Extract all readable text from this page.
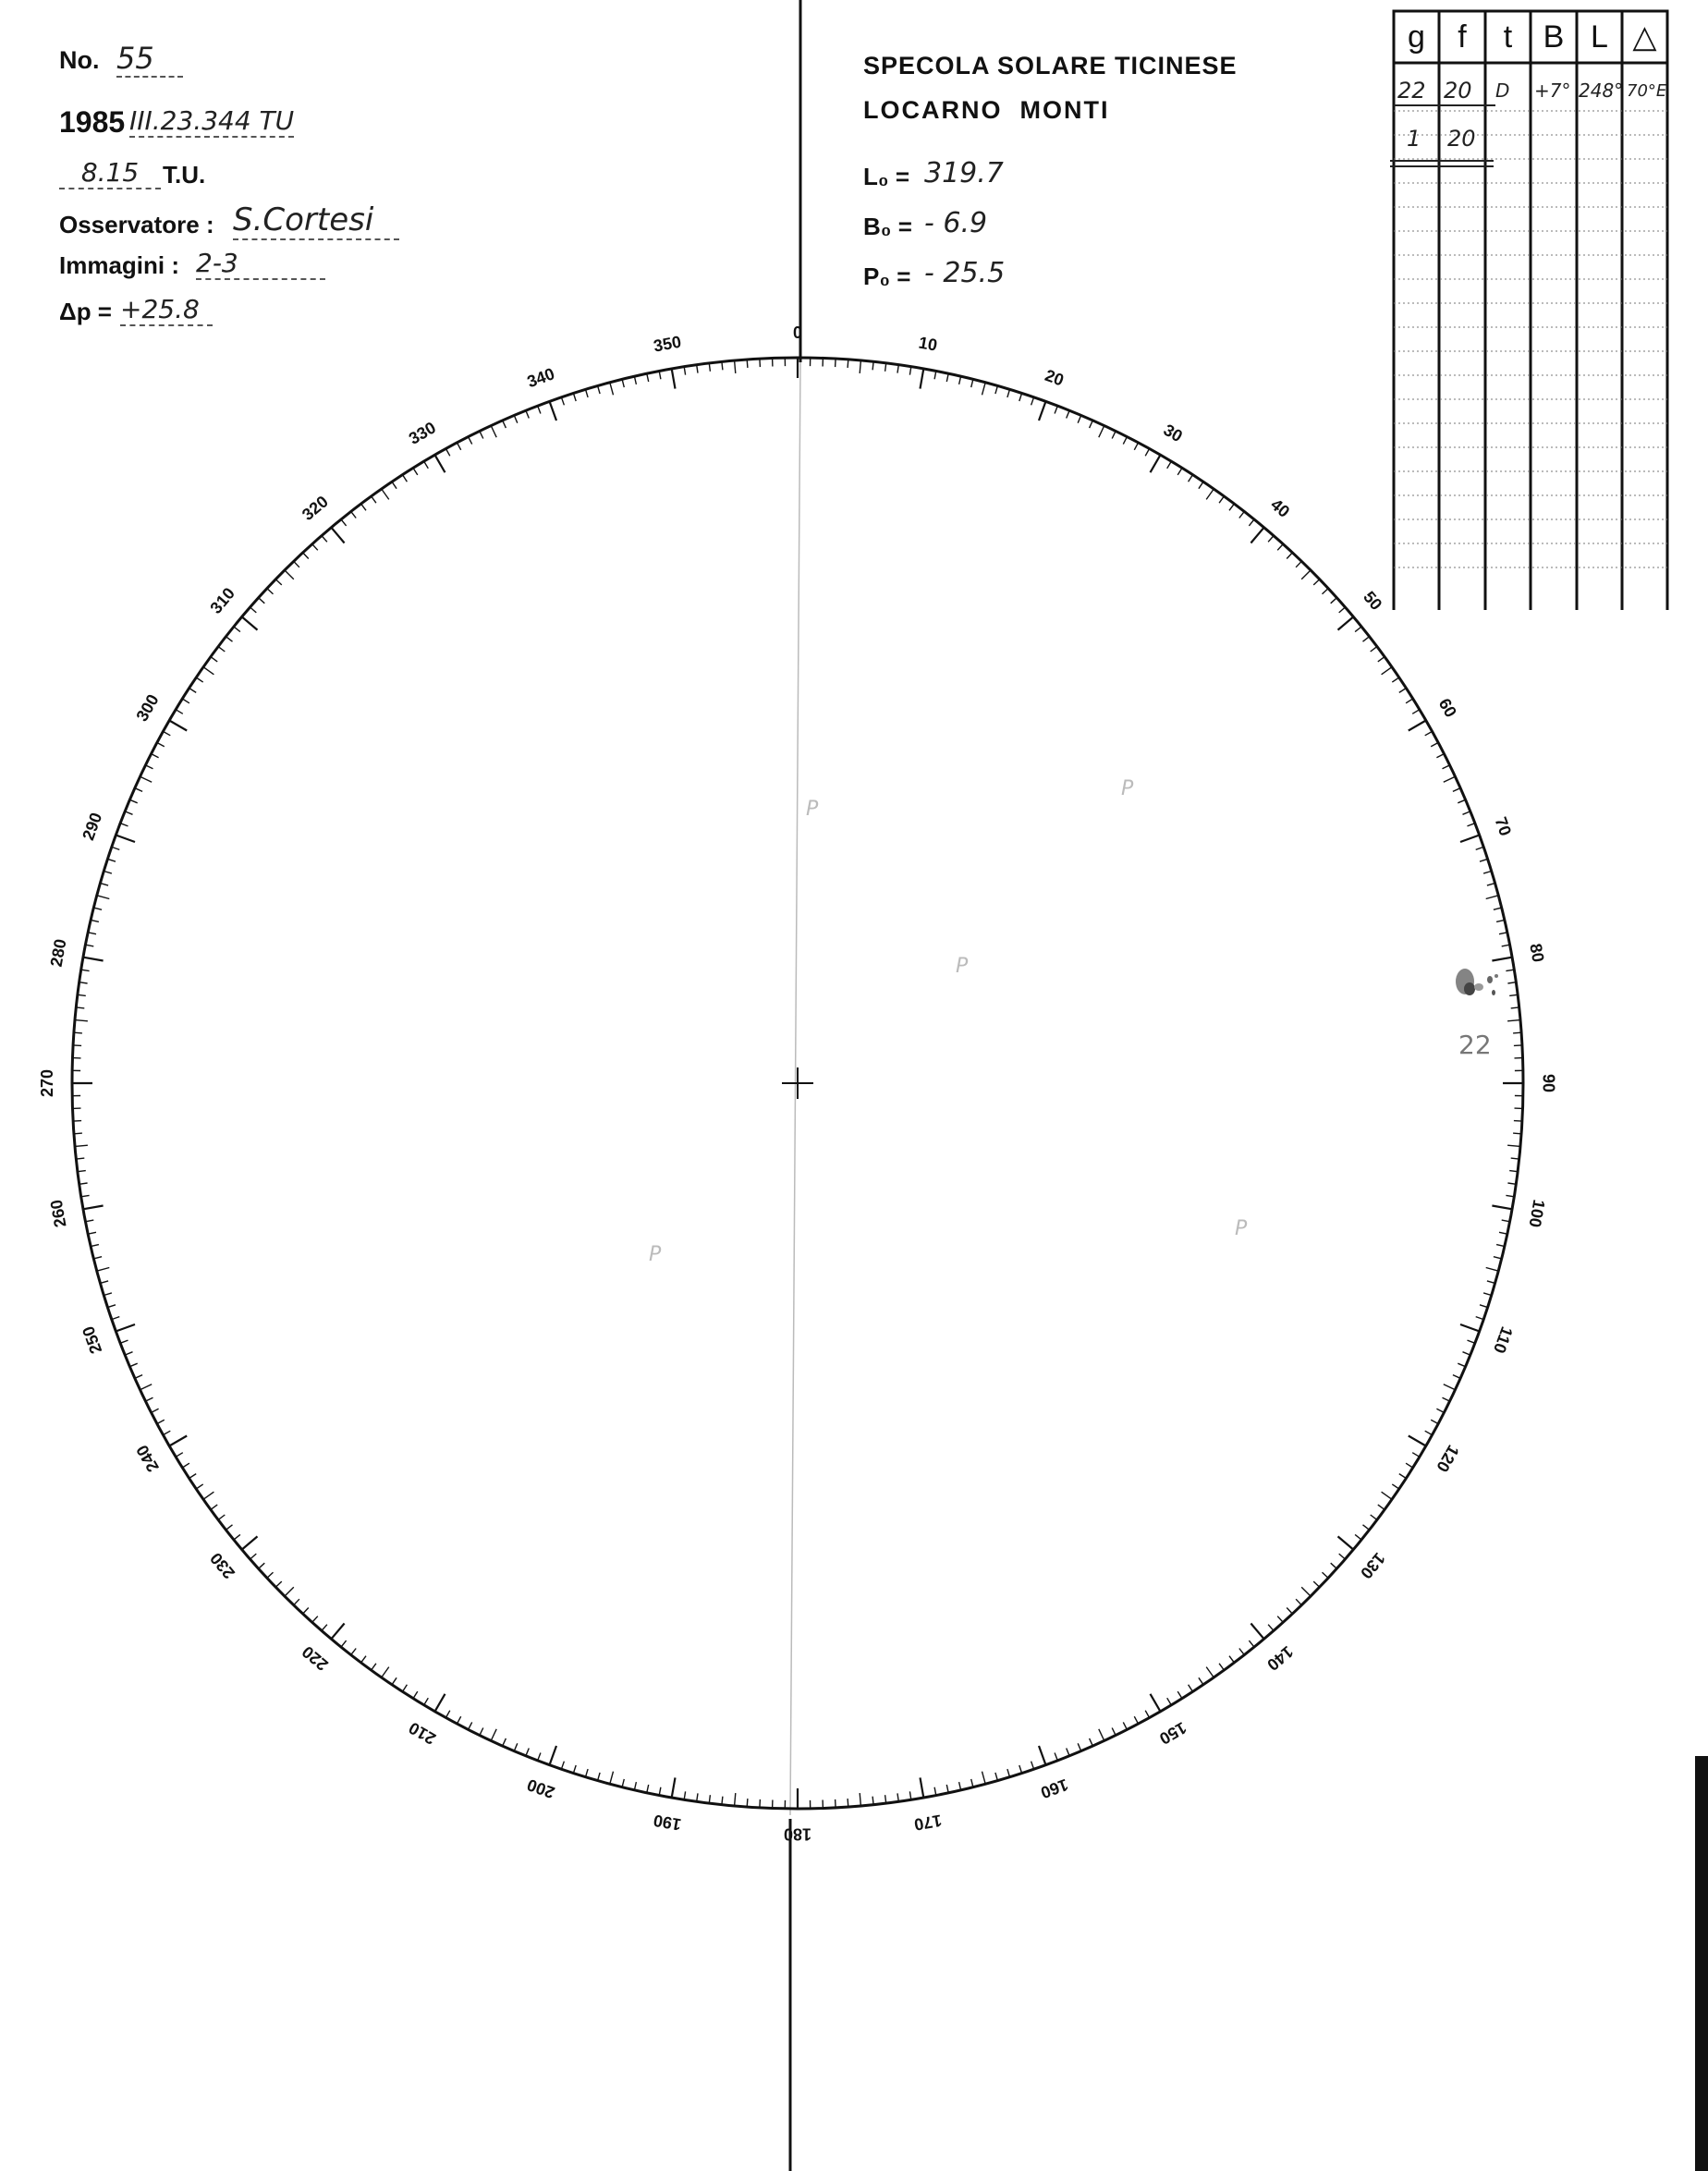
No. 55
1985 III.23.344 TU
8.15 T.U.
Osservatore : S.Cortesi
Immagini : 2-3
Δp = +25.8
SPECOLA SOLARE TICINESE
LOCARNO  MONTI
L₀ = 319.7
B₀ = - 6.9
P₀ = - 25.5
g	f	t B L △
22 20 D +7° 248° 70°E
1 20
0
10
20
30
40
50
60
70
80
90
100
110
120
130
140
150
160
170
180
190
200
210
220
230
240
250
260
270
280
290
300
310
320
330
340
350
22
P
P
P
P
P
